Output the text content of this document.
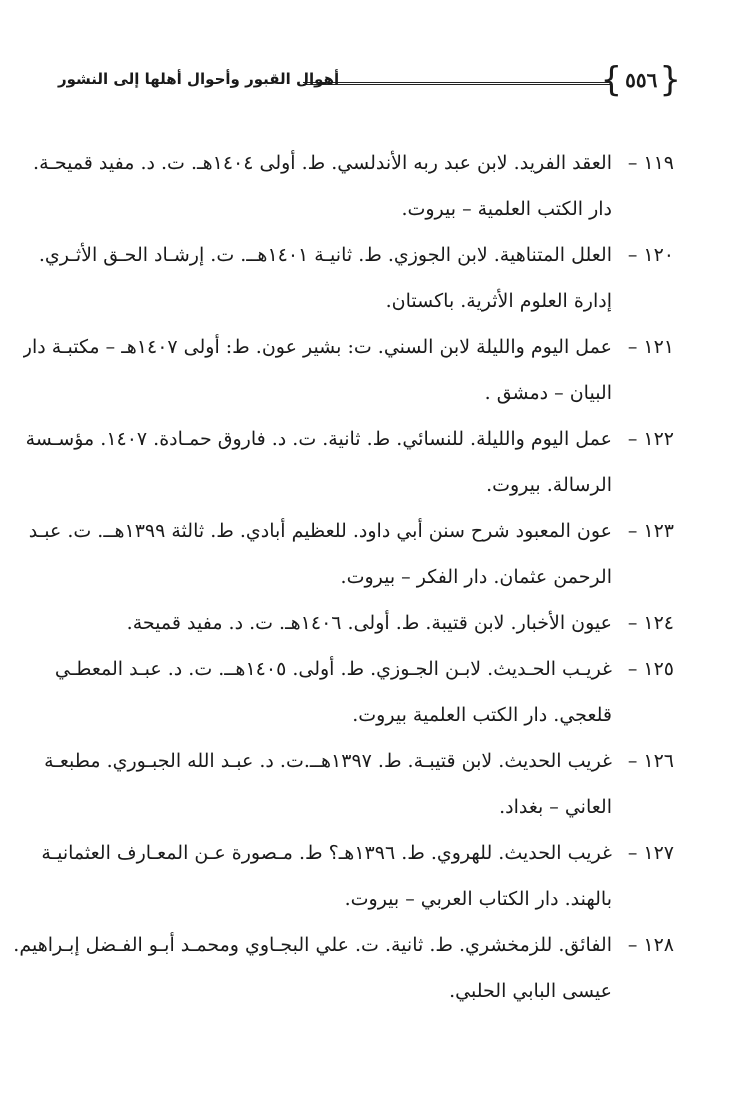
{
٥٥٦
}
أهوال القبور وأحوال أهلها إلى النشور
١١٩ –
العقد الفريد. لابن عبد ربه الأندلسي. ط. أولى ١٤٠٤هـ. ت. د. مفيد قميحـة.
دار الكتب العلمية – بيروت.
١٢٠ –
العلل المتناهية. لابن الجوزي. ط. ثانيـة ١٤٠١هــ. ت. إرشـاد الحـق الأثـري.
إدارة العلوم الأثرية. باكستان.
١٢١ –
عمل اليوم والليلة لابن السني. ت: بشير عون. ط: أولى ١٤٠٧هـ – مكتبـة دار
البيان – دمشق .
١٢٢ –
عمل اليوم والليلة. للنسائي. ط. ثانية. ت. د. فاروق حمـادة. ١٤٠٧. مؤسـسة
الرسالة. بيروت.
١٢٣ –
عون المعبود شرح سنن أبي داود. للعظيم أبادي. ط. ثالثة ١٣٩٩هــ. ت. عبـد
الرحمن عثمان. دار الفكر – بيروت.
١٢٤ –
عيون الأخبار. لابن قتيبة. ط. أولى. ١٤٠٦هـ. ت. د. مفيد قميحة.
١٢٥ –
غريـب الحـديث. لابـن الجـوزي. ط. أولى. ١٤٠٥هــ. ت. د. عبـد المعطـي
قلعجي. دار الكتب العلمية بيروت.
١٢٦ –
غريب الحديث. لابن قتيبـة. ط. ١٣٩٧هــ.ت. د. عبـد الله الجبـوري. مطبعـة
العاني – بغداد.
١٢٧ –
غريب الحديث. للهروي. ط. ١٣٩٦هـ؟ ط. مـصورة عـن المعـارف العثمانيـة
بالهند. دار الكتاب العربي – بيروت.
١٢٨ –
الفائق. للزمخشري. ط. ثانية. ت. علي البجـاوي ومحمـد أبـو الفـضل إبـراهيم.
عيسى البابي الحلبي.
